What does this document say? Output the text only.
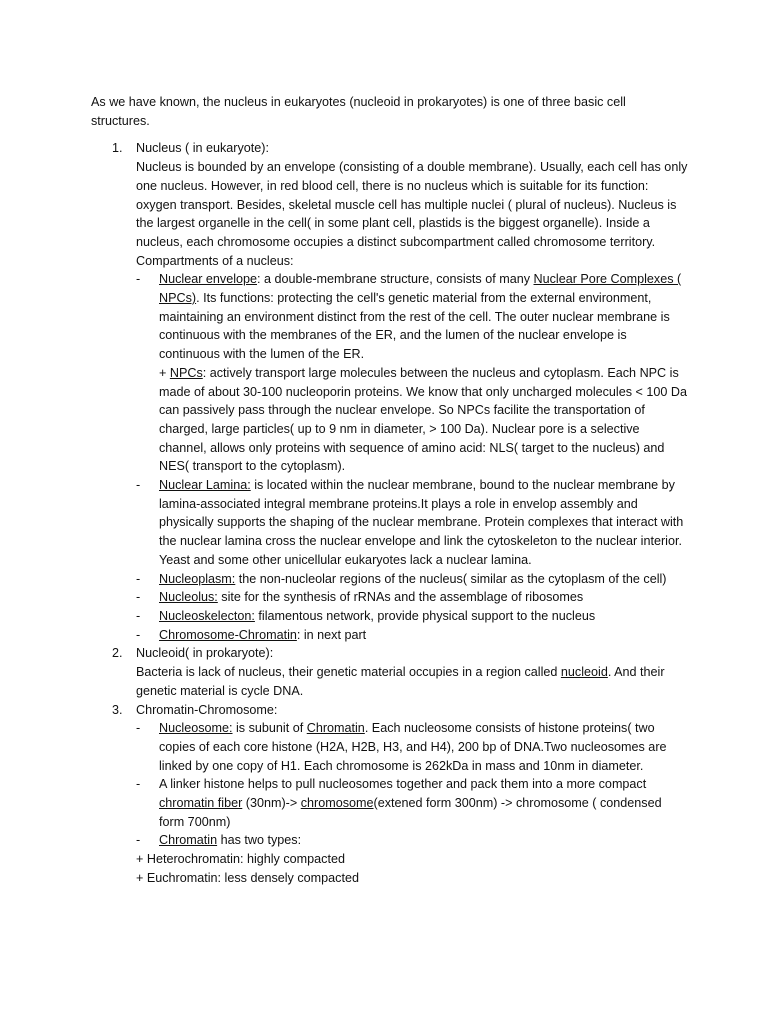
As we have known, the nucleus in eukaryotes (nucleoid in prokaryotes) is one of three basic cell structures.

1. Nucleus ( in eukaryote):

Nucleus is bounded by an envelope (consisting of a double membrane). Usually, each cell has only one nucleus. However, in red blood cell, there is no nucleus which is suitable for its function: oxygen transport. Besides, skeletal muscle cell has multiple nuclei ( plural of nucleus). Nucleus is the largest organelle in the cell( in some plant cell, plastids is the biggest organelle). Inside a nucleus, each chromosome occupies a distinct subcompartment called chromosome territory.

Compartments of a nucleus:
- Nuclear envelope: a double-membrane structure, consists of many Nuclear Pore Complexes ( NPCs). Its functions: protecting the cell's genetic material from the external environment, maintaining an environment distinct from the rest of the cell. The outer nuclear membrane is continuous with the membranes of the ER, and the lumen of the nuclear envelope is continuous with the lumen of the ER.
+ NPCs: actively transport large molecules between the nucleus and cytoplasm. Each NPC is made of about 30-100 nucleoporin proteins. We know that only uncharged molecules < 100 Da can passively pass through the nuclear envelope. So NPCs facilite the transportation of charged, large particles( up to 9 nm in diameter, > 100 Da). Nuclear pore is a selective channel, allows only proteins with sequence of amino acid: NLS( target to the nucleus) and NES( transport to the cytoplasm).
- Nuclear Lamina: is located within the nuclear membrane, bound to the nuclear membrane by lamina-associated integral membrane proteins.It plays a role in envelop assembly and physically supports the shaping of the nuclear membrane. Protein complexes that interact with the nuclear lamina cross the nuclear envelope and link the cytoskeleton to the nuclear interior. Yeast and some other unicellular eukaryotes lack a nuclear lamina.
- Nucleoplasm: the non-nucleolar regions of the nucleus( similar as the cytoplasm of the cell)
- Nucleolus: site for the synthesis of rRNAs and the assemblage of ribosomes
- Nucleoskelecton: filamentous network, provide physical support to the nucleus
- Chromosome-Chromatin: in next part
2. Nucleoid( in prokaryote):

Bacteria is lack of nucleus, their genetic material occupies in a region called nucleoid. And their genetic material is cycle DNA.

3. Chromatin-Chromosome:
- Nucleosome: is subunit of Chromatin. Each nucleosome consists of histone proteins( two copies of each core histone (H2A, H2B, H3, and H4), 200 bp of DNA.Two nucleosomes are linked by one copy of H1. Each chromosome is 262kDa in mass and 10nm in diameter.
- A linker histone helps to pull nucleosomes together and pack them into a more compact chromatin fiber (30nm)-> chromosome(extened form 300nm) -> chromosome ( condensed form 700nm)
- Chromatin has two types:
+ Heterochromatin: highly compacted
+ Euchromatin: less densely compacted
